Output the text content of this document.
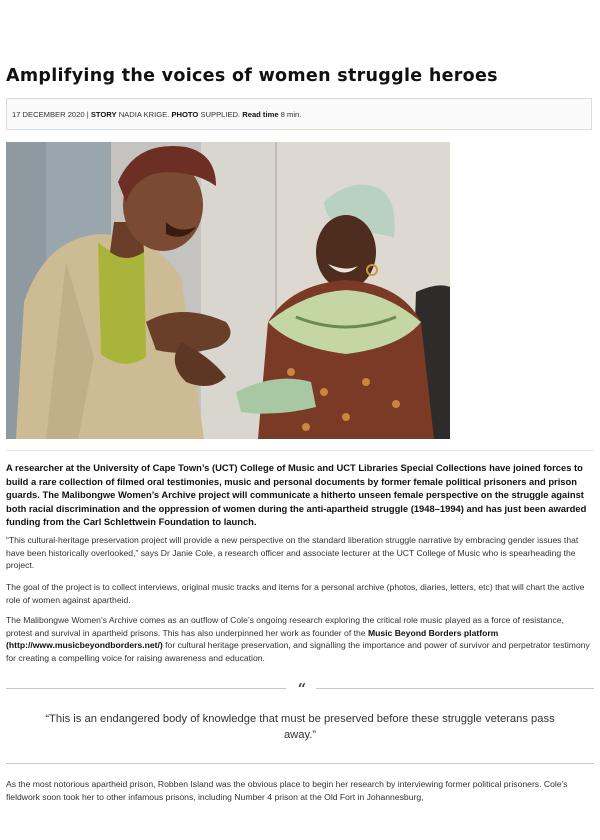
Amplifying the voices of women struggle heroes
17 DECEMBER 2020 | STORY NADIA KRIGE. PHOTO SUPPLIED. Read time 8 min.

A researcher at the University of Cape Town’s (UCT) College of Music and UCT Libraries Special Collections have joined forces to build a rare collection of filmed oral testimonies, music and personal documents by former female political prisoners and prison guards. The Malibongwe Women’s Archive project will communicate a hitherto unseen female perspective on the struggle against both racial discrimination and the oppression of women during the anti-apartheid struggle (1948–1994) and has just been awarded funding from the Carl Schlettwein Foundation to launch.

“This cultural-heritage preservation project will provide a new perspective on the standard liberation struggle narrative by embracing gender issues that have been historically overlooked,” says Dr Janie Cole, a research officer and associate lecturer at the UCT College of Music who is spearheading the project.

The goal of the project is to collect interviews, original music tracks and items for a personal archive (photos, diaries, letters, etc) that will chart the active role of women against apartheid.

The Malibongwe Women’s Archive comes as an outflow of Cole’s ongoing research exploring the critical role music played as a force of resistance, protest and survival in apartheid prisons. This has also underpinned her work as founder of the Music Beyond Borders platform (http://www.musicbeyondborders.net/) for cultural heritage preservation, and signalling the importance and power of survivor and perpetrator testimony for creating a compelling voice for raising awareness and education.

“

“This is an endangered body of knowledge that must be preserved before these struggle veterans pass away.”

As the most notorious apartheid prison, Robben Island was the obvious place to begin her research by interviewing former political prisoners. Cole’s fieldwork soon took her to other infamous prisons, including Number 4 prison at the Old Fort in Johannesburg,
